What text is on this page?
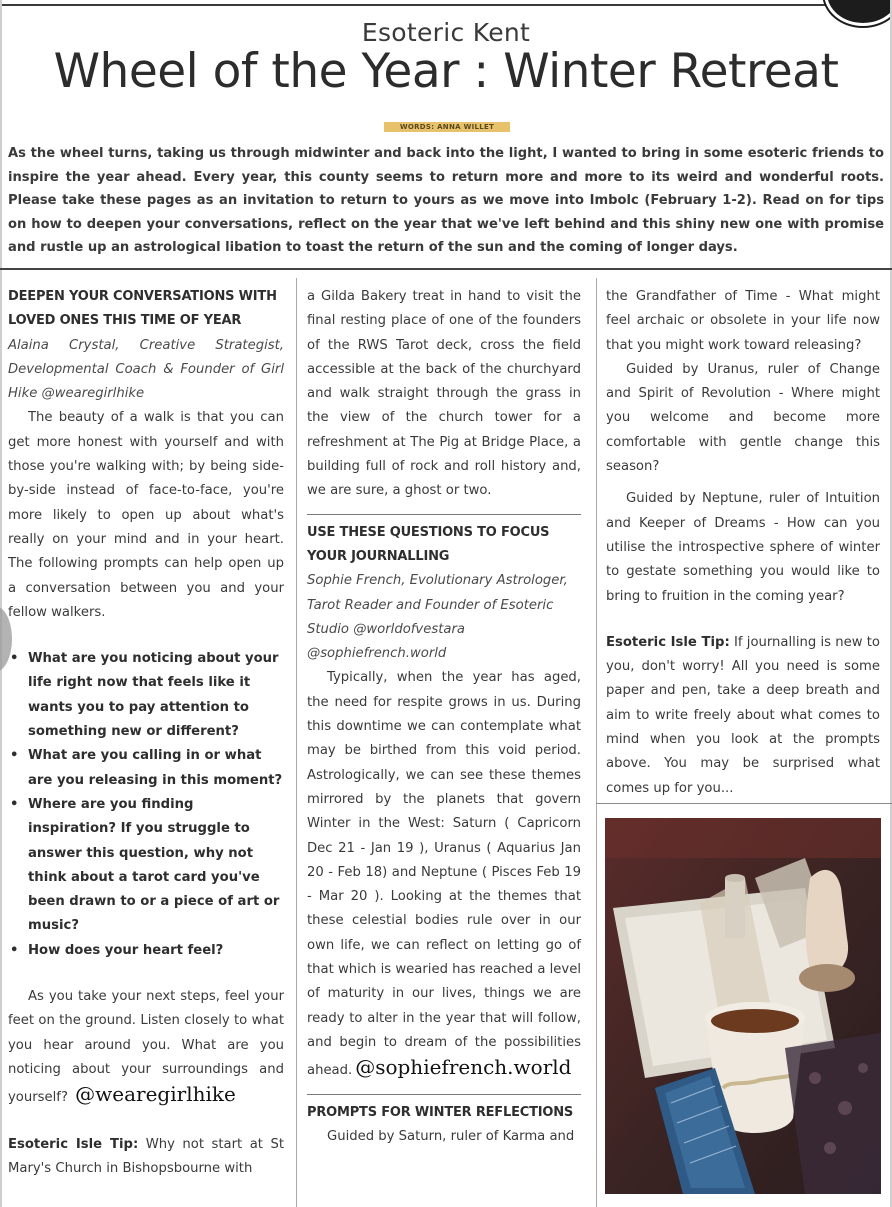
Esoteric Kent
Wheel of the Year : Winter Retreat
WORDS: ANNA WILLET

As the wheel turns, taking us through midwinter and back into the light, I wanted to bring in some esoteric friends to inspire the year ahead. Every year, this county seems to return more and more to its weird and wonderful roots. Please take these pages as an invitation to return to yours as we move into Imbolc (February 1-2). Read on for tips on how to deepen your conversations, reflect on the year that we've left behind and this shiny new one with promise and rustle up an astrological libation to toast the return of the sun and the coming of longer days.

DEEPEN YOUR CONVERSATIONS WITH LOVED ONES THIS TIME OF YEAR

Alaina Crystal, Creative Strategist, Developmental Coach & Founder of Girl Hike @wearegirlhike

The beauty of a walk is that you can get more honest with yourself and with those you're walking with; by being side-by-side instead of face-to-face, you're more likely to open up about what's really on your mind and in your heart. The following prompts can help open up a conversation between you and your fellow walkers.

• What are you noticing about your life right now that feels like it wants you to pay attention to something new or different?
• What are you calling in or what are you releasing in this moment?
• Where are you finding inspiration? If you struggle to answer this question, why not think about a tarot card you've been drawn to or a piece of art or music?
• How does your heart feel?

As you take your next steps, feel your feet on the ground. Listen closely to what you hear around you. What are you noticing about your surroundings and yourself? @wearegirlhike

Esoteric Isle Tip: Why not start at St Mary's Church in Bishopsbourne with

a Gilda Bakery treat in hand to visit the final resting place of one of the founders of the RWS Tarot deck, cross the field accessible at the back of the churchyard and walk straight through the grass in the view of the church tower for a refreshment at The Pig at Bridge Place, a building full of rock and roll history and, we are sure, a ghost or two.

USE THESE QUESTIONS TO FOCUS YOUR JOURNALLING

Sophie French, Evolutionary Astrologer, Tarot Reader and Founder of Esoteric Studio @worldofvestara @sophiefrench.world

Typically, when the year has aged, the need for respite grows in us. During this downtime we can contemplate what may be birthed from this void period. Astrologically, we can see these themes mirrored by the planets that govern Winter in the West: Saturn ( Capricorn Dec 21 - Jan 19 ), Uranus ( Aquarius Jan 20 - Feb 18) and Neptune ( Pisces Feb 19 - Mar 20 ). Looking at the themes that these celestial bodies rule over in our own life, we can reflect on letting go of that which is wearied has reached a level of maturity in our lives, things we are ready to alter in the year that will follow, and begin to dream of the possibilities ahead. @sophiefrench.world

PROMPTS FOR WINTER REFLECTIONS

Guided by Saturn, ruler of Karma and

the Grandfather of Time - What might feel archaic or obsolete in your life now that you might work toward releasing?

Guided by Uranus, ruler of Change and Spirit of Revolution - Where might you welcome and become more comfortable with gentle change this season?

Guided by Neptune, ruler of Intuition and Keeper of Dreams - How can you utilise the introspective sphere of winter to gestate something you would like to bring to fruition in the coming year?

Esoteric Isle Tip: If journalling is new to you, don't worry! All you need is some paper and pen, take a deep breath and aim to write freely about what comes to mind when you look at the prompts above. You may be surprised what comes up for you...
